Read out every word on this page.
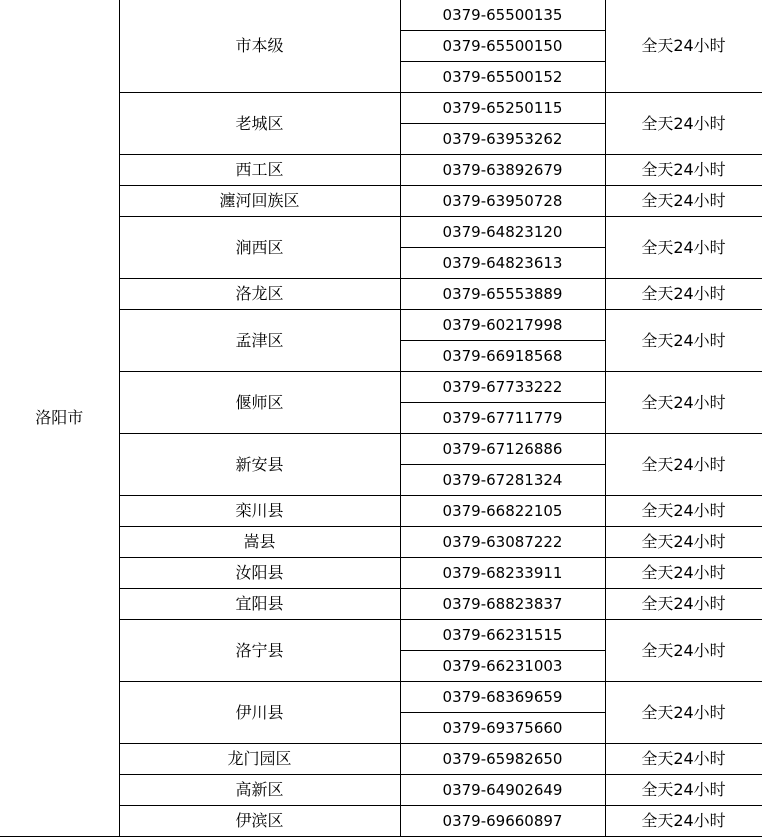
洛阳市	市本级	0379-65500135	全天24小时
		0379-65500150	
		0379-65500152	
	老城区	0379-65250115	全天24小时
		0379-63953262	
	西工区	0379-63892679	全天24小时
	瀍河回族区	0379-63950728	全天24小时
	涧西区	0379-64823120	全天24小时
		0379-64823613	
	洛龙区	0379-65553889	全天24小时
	孟津区	0379-60217998	全天24小时
		0379-66918568	
	偃师区	0379-67733222	全天24小时
		0379-67711779	
	新安县	0379-67126886	全天24小时
		0379-67281324	
	栾川县	0379-66822105	全天24小时
	嵩县	0379-63087222	全天24小时
	汝阳县	0379-68233911	全天24小时
	宜阳县	0379-68823837	全天24小时
	洛宁县	0379-66231515	全天24小时
		0379-66231003	
	伊川县	0379-68369659	全天24小时
		0379-69375660	
	龙门园区	0379-65982650	全天24小时
	高新区	0379-64902649	全天24小时
	伊滨区	0379-69660897	全天24小时
